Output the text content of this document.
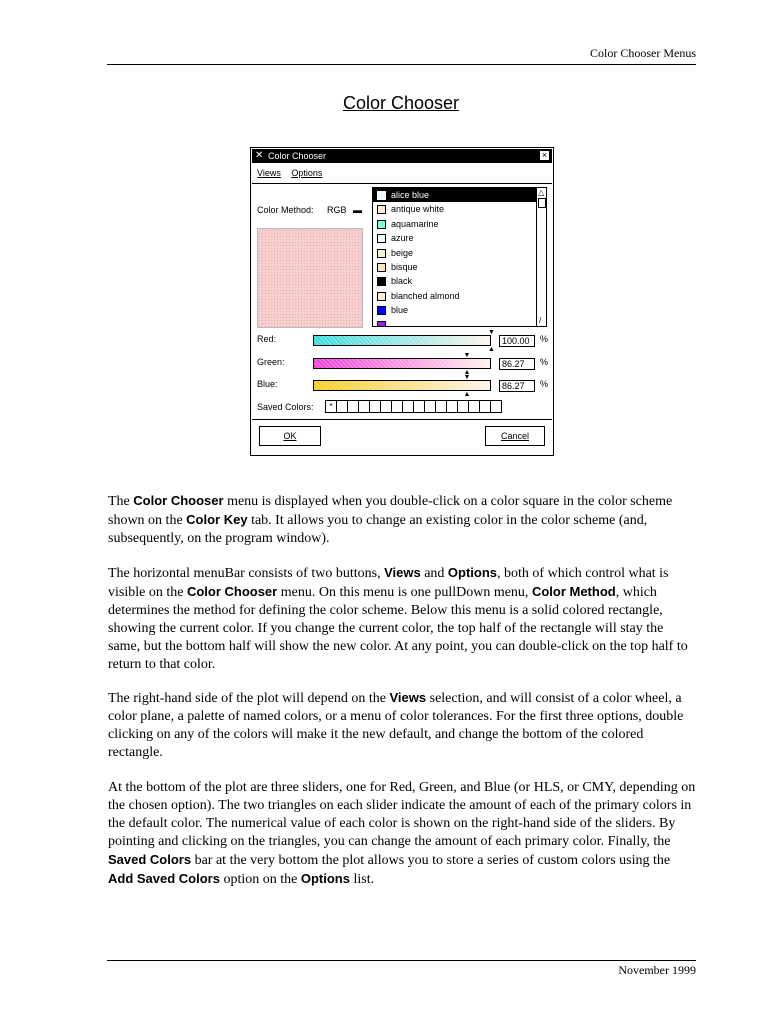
Color Chooser Menus
Color Chooser
✕ Color Chooser	×
Views Options
Color Method: RGB ▬
alice blue
antique white
aquamarine
azure
beige
bisque
black
blanched almond
blue
△
/
Red:
▼
▲
100.00	%
Green:
▼
▲
86.27	%
Blue:
▼
▲
86.27	%
Saved Colors:	*
OK	Cancel

The Color Chooser menu is displayed when you double-click on a color square in the color scheme shown on the Color Key tab. It allows you to change an existing color in the color scheme (and, subsequently, on the program window).

The horizontal menuBar consists of two buttons, Views and Options, both of which control what is visible on the Color Chooser menu. On this menu is one pullDown menu, Color Method, which determines the method for defining the color scheme. Below this menu is a solid colored rectangle, showing the current color. If you change the current color, the top half of the rectangle will stay the same, but the bottom half will show the new color. At any point, you can double-click on the top half to return to that color.

The right-hand side of the plot will depend on the Views selection, and will consist of a color wheel, a color plane, a palette of named colors, or a menu of color tolerances. For the first three options, double clicking on any of the colors will make it the new default, and change the bottom of the colored rectangle.

At the bottom of the plot are three sliders, one for Red, Green, and Blue (or HLS, or CMY, depending on the chosen option). The two triangles on each slider indicate the amount of each of the primary colors in the default color. The numerical value of each color is shown on the right-hand side of the sliders. By pointing and clicking on the triangles, you can change the amount of each primary color. Finally, the Saved Colors bar at the very bottom the plot allows you to store a series of custom colors using the Add Saved Colors option on the Options list.

November 1999
